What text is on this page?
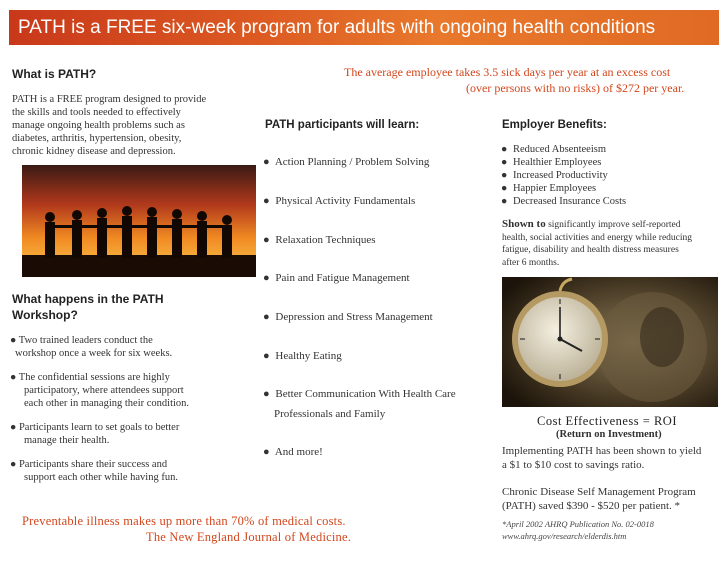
PATH is a FREE six-week program for adults with ongoing health conditions
What is PATH?
PATH is a FREE program designed to provide
the skills and tools needed to effectively
manage ongoing health problems such as
diabetes, arthritis, hypertension, obesity,
chronic kidney disease and depression.
What happens in the PATH
Workshop?
● Two trained leaders conduct the
workshop once a week for six weeks.
● The confidential sessions are highly
participatory, where attendees support
each other in managing their condition.
● Participants learn to set goals to better
manage their health.
● Participants share their success and
support each other while having fun.
Preventable illness makes up more than 70% of medical costs.
The New England Journal of Medicine.
The average employee takes 3.5 sick days per year at an excess cost
(over persons with no risks) of $272 per year.
PATH participants will learn:
● Action Planning / Problem Solving
● Physical Activity Fundamentals
● Relaxation Techniques
● Pain and Fatigue Management
● Depression and Stress Management
● Healthy Eating
● Better Communication With Health Care
Professionals and Family
● And more!
Employer Benefits:
● Reduced Absenteeism
● Healthier Employees
● Increased Productivity
● Happier Employees
● Decreased Insurance Costs
Shown to significantly improve self-reported
health, social activities and energy while reducing
fatigue, disability and health distress measures
after 6 months.
Cost Effectiveness = ROI
(Return on Investment)
Implementing PATH has been shown to yield
a $1 to $10 cost to savings ratio.
Chronic Disease Self Management Program
(PATH) saved $390 - $520 per patient. *
*April 2002 AHRQ Publication No. 02-0018
www.ahrq.gov/research/elderdis.htm
